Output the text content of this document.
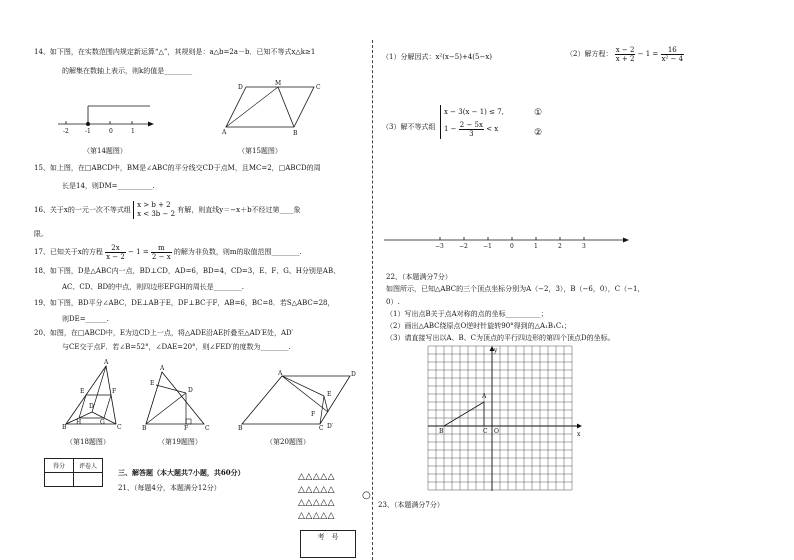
14、如下图，在实数范围内规定新运算“△”，其规则是：a△b=2a－b．已知不等式x△k≥1
的解集在数轴上表示，则k的值是________
-2	-1	0	1
（第14题图）
D
M
C
A	B
（第15题图）
15、如上图，在□ABCD中，BM是∠ABC的平分线交CD于点M，且MC=2，□ABCD的周
长是14，则DM=__________.
16、关于x的一元一次不等式组
x > b + 2
x < 3b − 2 有解，则直线y＝−x＋b不经过第____象
限。
17、已知关于x的方程 $\frac{2x}{x - 2} - 1 = \frac{m}{2 - x}$ 的解为非负数，则m的取值范围________.
18、如下图，D是△ABC内一点，BD⊥CD，AD=6，BD=4，CD=3，E、F、G、H分别是AB、
AC、CD、BD的中点，则四边形EFGH的周长是________.
19、如下图，BD平分∠ABC，DE⊥AB于E，DF⊥BC于F，AB=6，BC=8．若S△ABC=28，
则DE=______.
20、如图，在□ABCD中，E为边CD上一点，将△ADE沿AE折叠至△AD′E处，AD′
与CE交于点F．若∠B=52°，∠DAE=20°，则∠FED′的度数为________.
A
B	C
D
E	F
G
H
A
B	C
D
E
F
A
B	C
D
E
F
D′
（第18题图）	（第19题图）	（第20题图）
得分	评卷人

三、解答题（本大题共7小题，共60分）
21、（每题4分，本题满分12分）
△△△△△
△△△△△
△△△△△
△△△△△
○
考　号
（1）分解因式：x²(x−5)+4(5−x)	（2）解方程： $\frac{x - 2}{x + 2} - 1 = \frac{16}{\text{x² − 4}}$
（3）解不等式组
x − 3(x − 1) ≤ 7,
$1 - \frac{2 - 5x}{3} < x$
①
②
−3	−2	−1	0	1	2	3
22、（本题满分7分）
如图所示，已知△ABC的三个顶点坐标分别为A（−2，3），B（−6，0），C（−1，
0）.
（1）写出点B关于点A对称的点的坐标__________；
（2）画出△ABC绕原点O逆时针旋转90°得到的△A₁B₁C₁；
（3）请直接写出以A、B、C为顶点的平行四边形的第四个顶点D的坐标。
y
x
A
B	C O
23、（本题满分7分）
